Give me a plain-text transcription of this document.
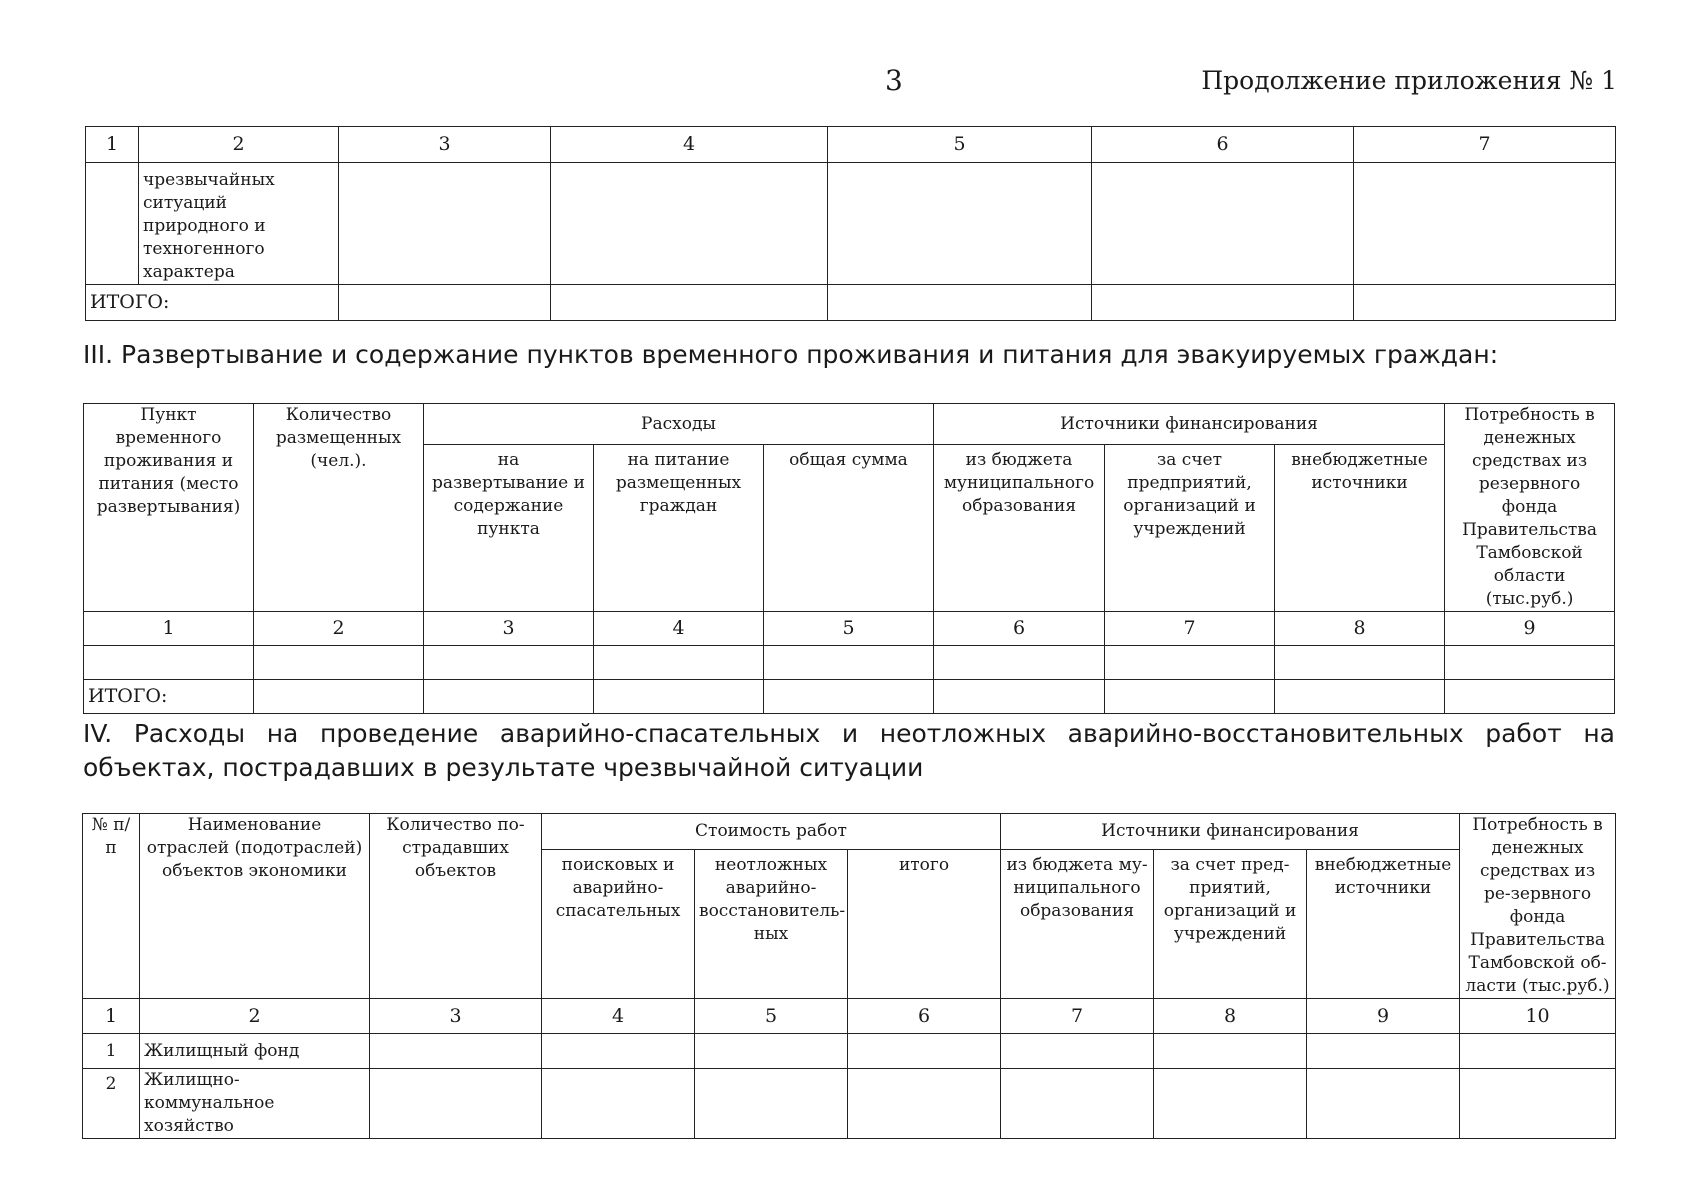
3	Продолжение приложения № 1
1	2	3	4	5	6	7
	чрезвычайных ситуаций природного и техногенного характера					
ИТОГО:						
III. Развертывание и содержание пунктов временного проживания и питания для эвакуируемых граждан:
Пункт временного проживания и питания (место развертывания)	Количество размещенных (чел.).	Расходы			Источники финансирования			Потребность в денежных средствах из резервного фонда Правительства Тамбовской области (тыс.руб.)
		на развертывание и содержание пункта	на питание размещенных граждан	общая сумма	из бюджета муниципального образования	за счет предприятий, организаций и учреждений	внебюджетные источники	
1	2	3	4	5	6	7	8	9

ИТОГО:								
IV. Расходы на проведение аварийно-спасательных и неотложных аварийно-восстановительных работ на объектах, пострадавших в результате чрезвычайной ситуации
№ п/п	Наименование отраслей (подотраслей) объектов экономики	Количество по-страдавших объектов	Стоимость работ			Источники финансирования			Потребность в денежных средствах из ре-зервного фонда Правительства Тамбовской об-ласти (тыс.руб.)
			поисковых и аварийно-спасательных	неотложных аварийно-восстановитель-ных	итого	из бюджета му-ниципального образования	за счет пред-приятий, организаций и учреждений	внебюджетные источники	
1	2	3	4	5	6	7	8	9	10
1	Жилищный фонд								
2	Жилищно-коммунальное хозяйство								
